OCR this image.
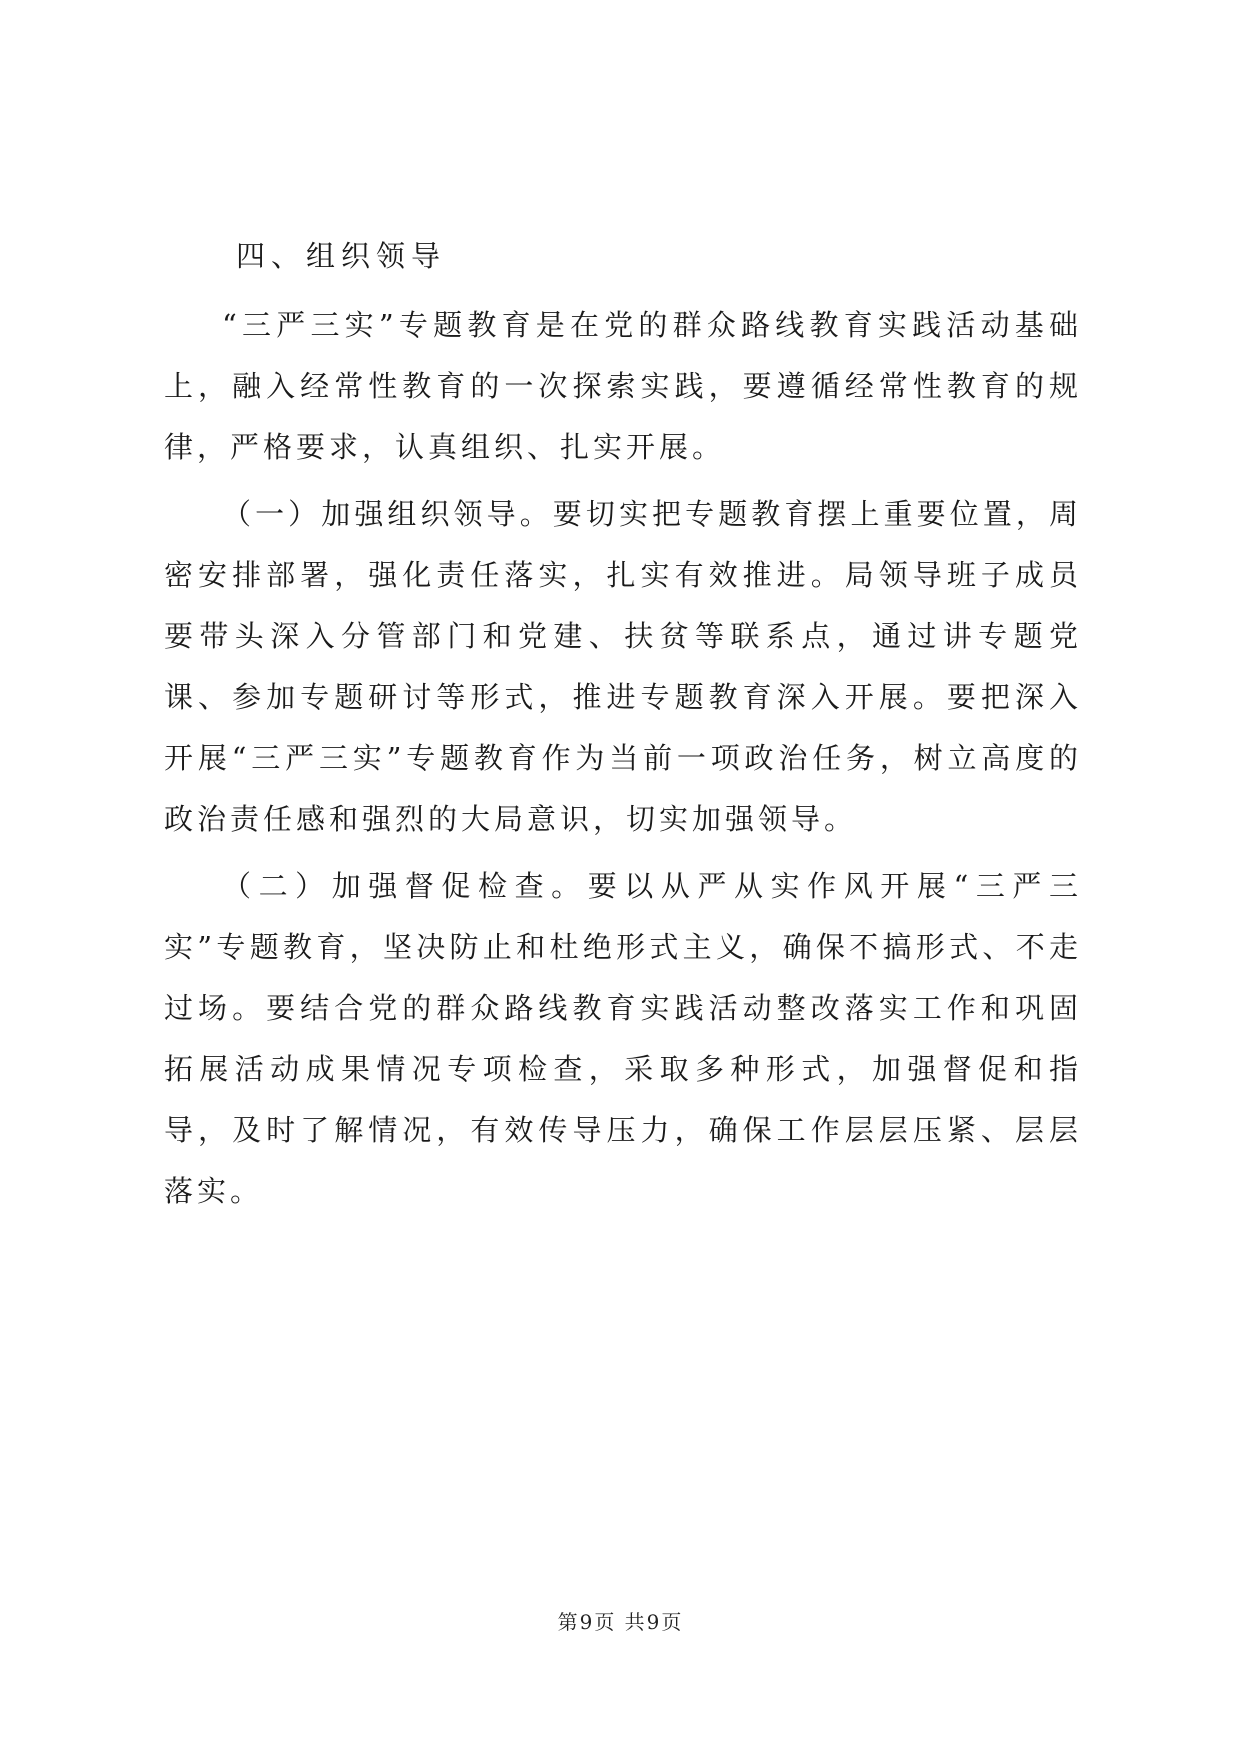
四、组织领导

“三严三实”专题教育是在党的群众路线教育实践活动基础上，融入经常性教育的一次探索实践，要遵循经常性教育的规律，严格要求，认真组织、扎实开展。

（一）加强组织领导。要切实把专题教育摆上重要位置，周密安排部署，强化责任落实，扎实有效推进。局领导班子成员要带头深入分管部门和党建、扶贫等联系点，通过讲专题党课、参加专题研讨等形式，推进专题教育深入开展。要把深入开展“三严三实”专题教育作为当前一项政治任务，树立高度的政治责任感和强烈的大局意识，切实加强领导。

（二）加强督促检查。要以从严从实作风开展“三严三实”专题教育，坚决防止和杜绝形式主义，确保不搞形式、不走过场。要结合党的群众路线教育实践活动整改落实工作和巩固拓展活动成果情况专项检查，采取多种形式，加强督促和指导，及时了解情况，有效传导压力，确保工作层层压紧、层层落实。

第9页 共9页
